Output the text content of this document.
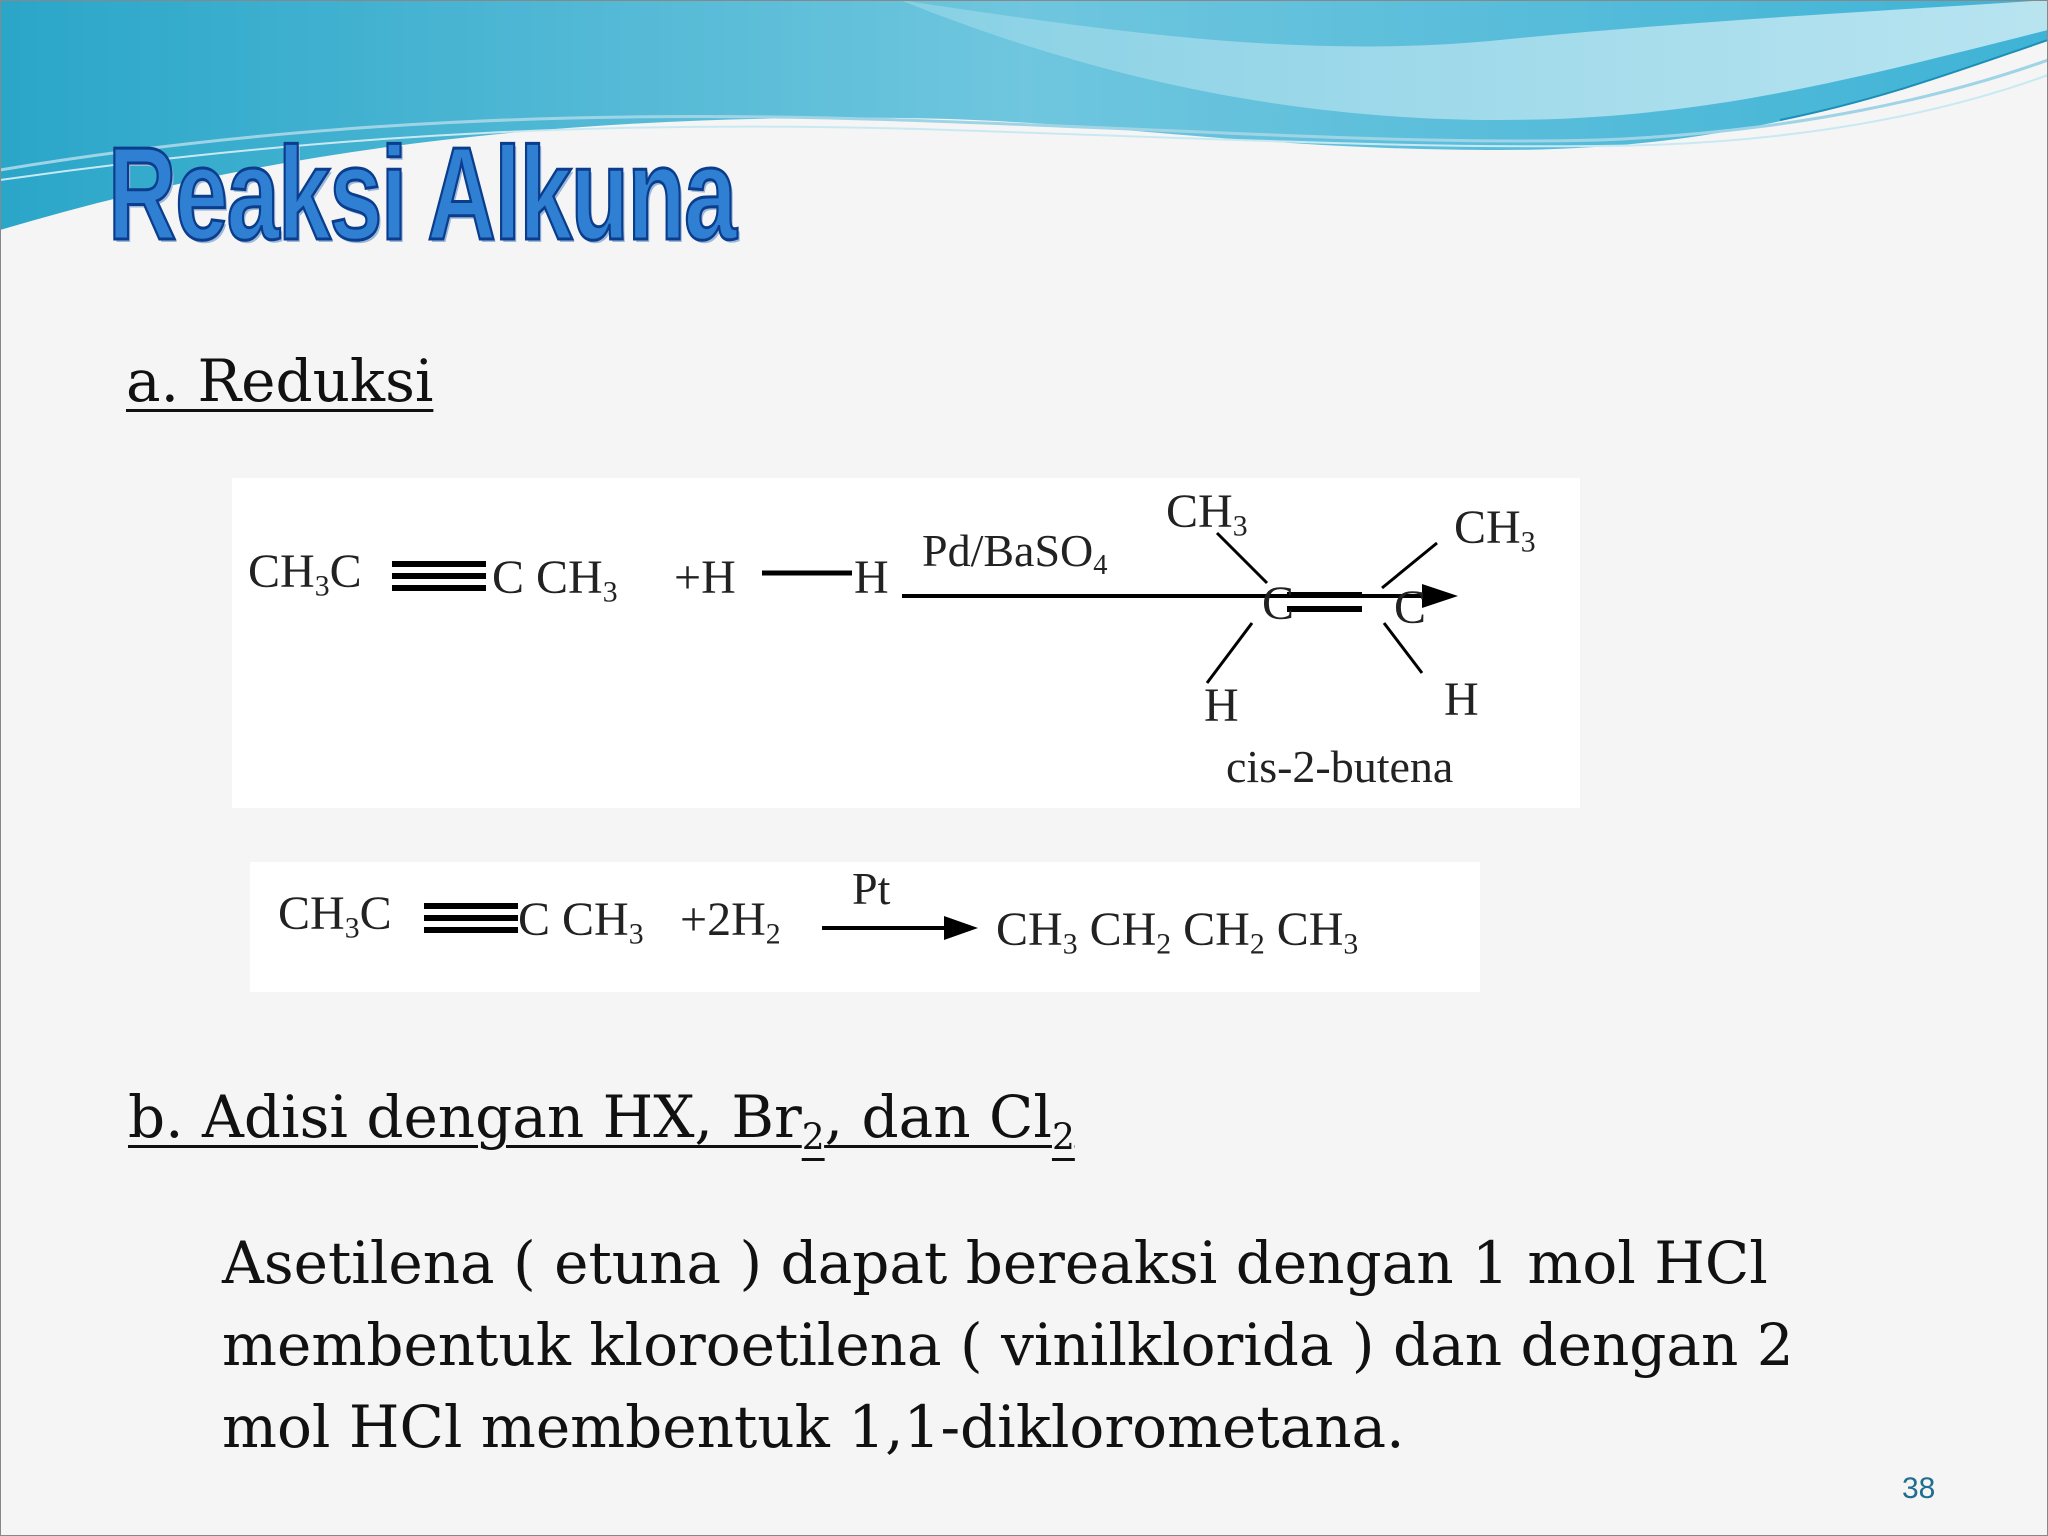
Reaksi Alkuna
a. Reduksi
$CH_3C$	C $CH_3 +H$ H
Pd/BaSO$_4$
$CH_3$	$CH_3$
C C
H	H
cis-2-butena
$CH_3C$	C $CH_3 +2H_2$
Pt
$CH_3$ $CH_2$ $CH_2$ $CH_3$
b. Adisi dengan HX, $Br_2$, dan $Cl_2$
Asetilena ( etuna ) dapat bereaksi dengan 1 mol HCl
membentuk kloroetilena ( vinilklorida ) dan dengan 2
mol HCl membentuk 1,1-diklorometana.
38
